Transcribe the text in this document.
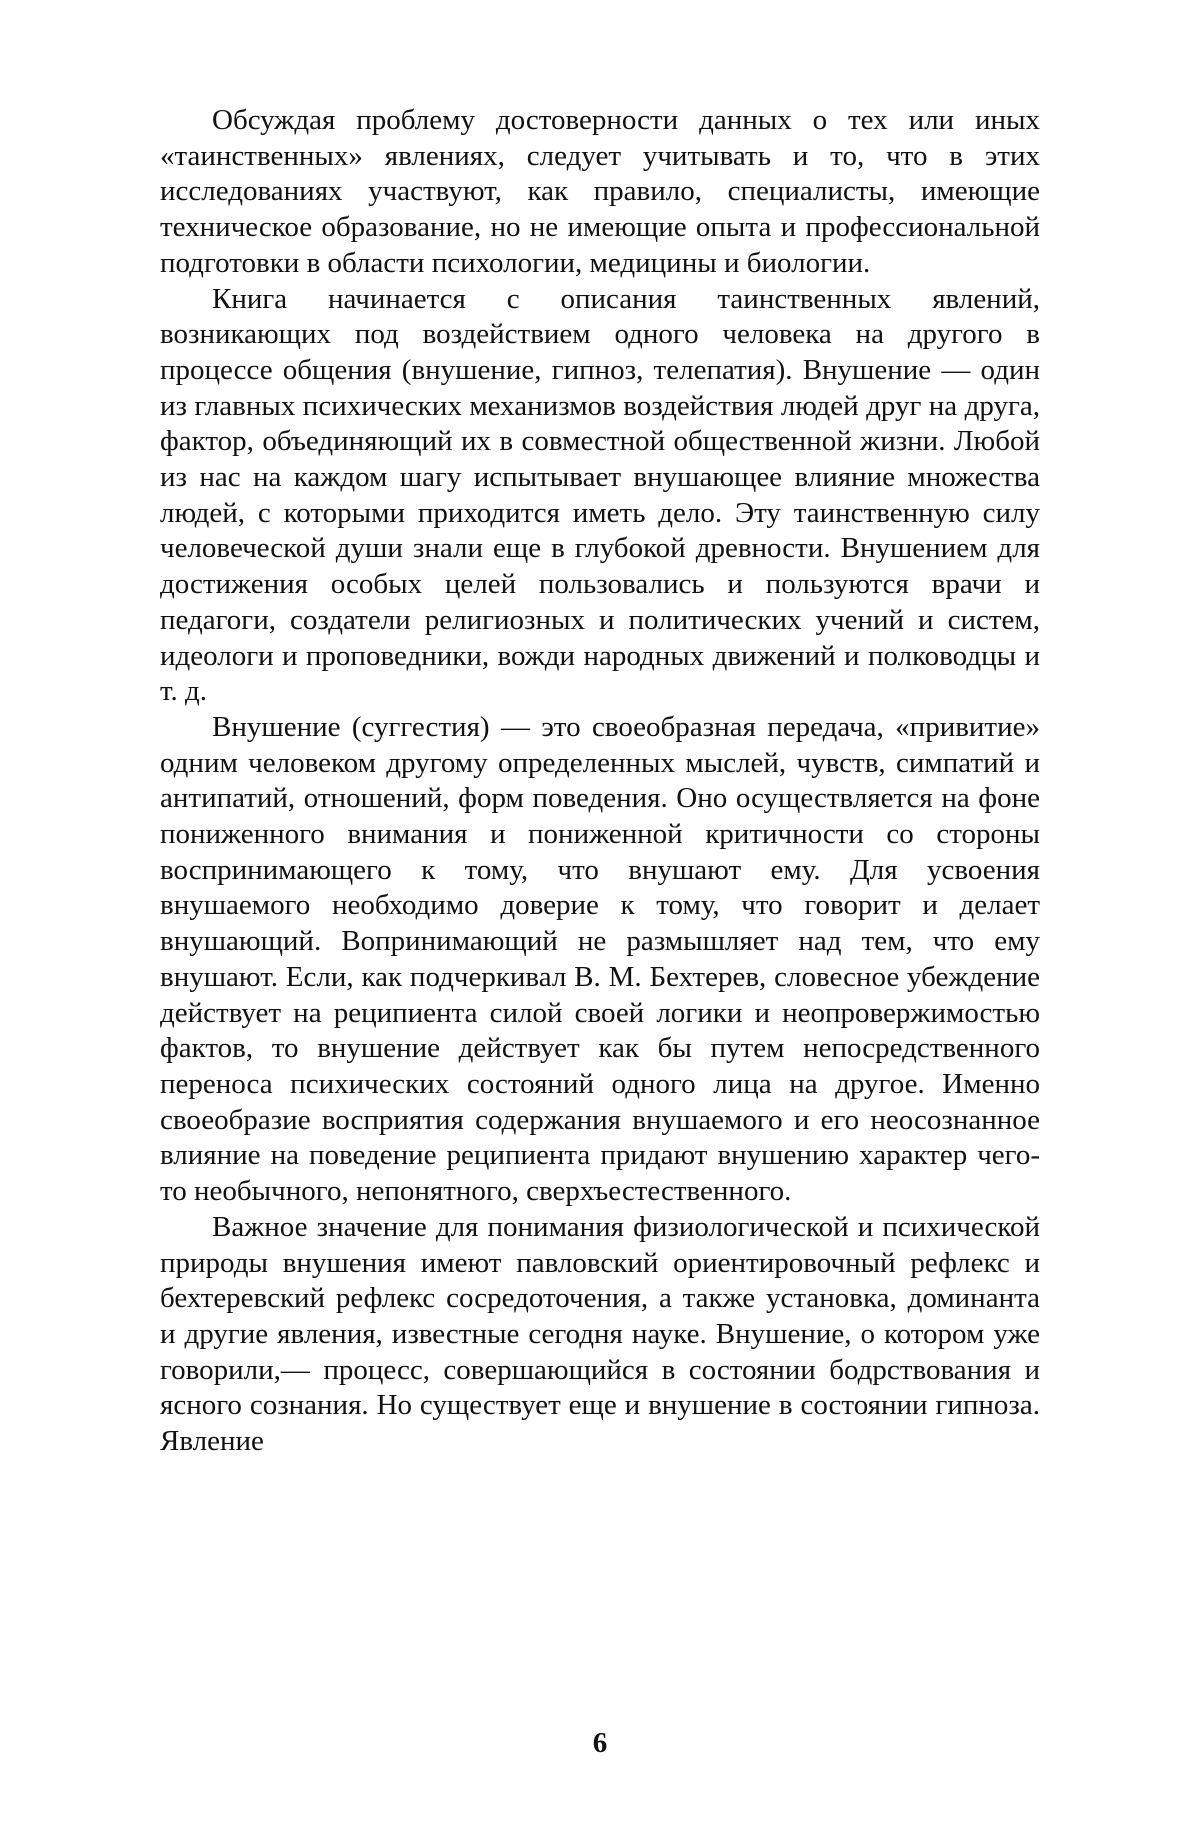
Обсуждая проблему достоверности данных о тех или иных «таинственных» явлениях, следует учитывать и то, что в этих исследованиях участвуют, как правило, специалисты, имеющие техническое образование, но не имеющие опыта и профессиональной подготовки в области психологии, медицины и биологии.

Книга начинается с описания таинственных явлений, возникающих под воздействием одного человека на другого в процессе общения (внушение, гипноз, телепатия). Внушение — один из главных психических механизмов воздействия людей друг на друга, фактор, объединяющий их в совместной общественной жизни. Любой из нас на каждом шагу испытывает внушающее влияние множества людей, с которыми приходится иметь дело. Эту таинственную силу человеческой души знали еще в глубокой древности. Внушением для достижения особых целей пользовались и пользуются врачи и педагоги, создатели религиозных и политических учений и систем, идеологи и проповедники, вожди народных движений и полководцы и т. д.

Внушение (суггестия) — это своеобразная передача, «привитие» одним человеком другому определенных мыслей, чувств, симпатий и антипатий, отношений, форм поведения. Оно осуществляется на фоне пониженного внимания и пониженной критичности со стороны воспринимающего к тому, что внушают ему. Для усвоения внушаемого необходимо доверие к тому, что говорит и делает внушающий. Вопринимающий не размышляет над тем, что ему внушают. Если, как подчеркивал В. М. Бехтерев, словесное убеждение действует на реципиента силой своей логики и неопровержимостью фактов, то внушение действует как бы путем непосредственного переноса психических состояний одного лица на другое. Именно своеобразие восприятия содержания внушаемого и его неосознанное влияние на поведение реципиента придают внушению характер чего-то необычного, непонятного, сверхъестественного.

Важное значение для понимания физиологической и психической природы внушения имеют павловский ориентировочный рефлекс и бехтеревский рефлекс сосредоточения, а также установка, доминанта и другие явления, известные сегодня науке. Внушение, о котором уже говорили,— процесс, совершающийся в состоянии бодрствования и ясного сознания. Но существует еще и внушение в состоянии гипноза. Явление

6
